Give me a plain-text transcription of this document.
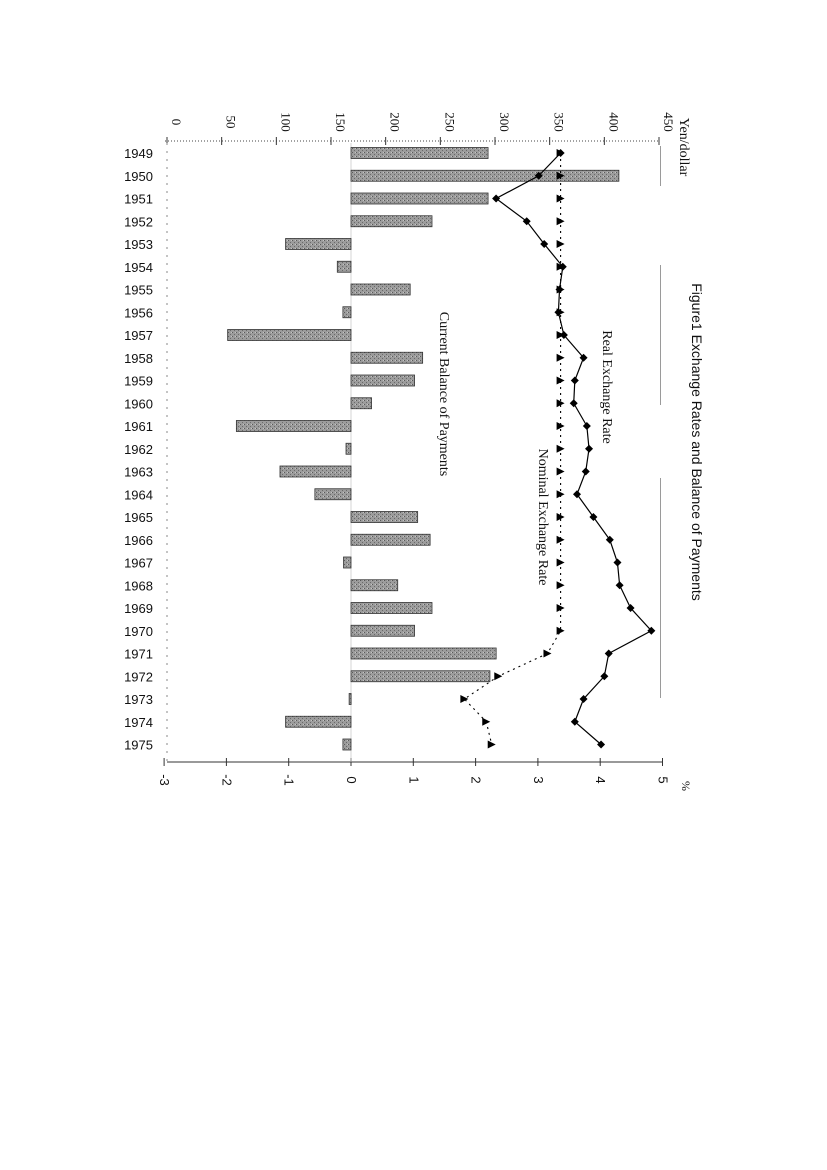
0	50	100	150	200	250	300	350	400	450
-3	-2	-1	0	1	2	3	4	5
1949
1950
1951
1952
1953
1954
1955
1956
1957
1958
1959
1960
1961
1962
1963
1964
1965
1966
1967
1968
1969
1970
1971
1972
1973
1974
1975
Figure1 Exchange Rates and Balance of Payments
Yen/dollar
%
Real Exchange Rate
Nominal Exchange Rate
Current Balance of Payments
